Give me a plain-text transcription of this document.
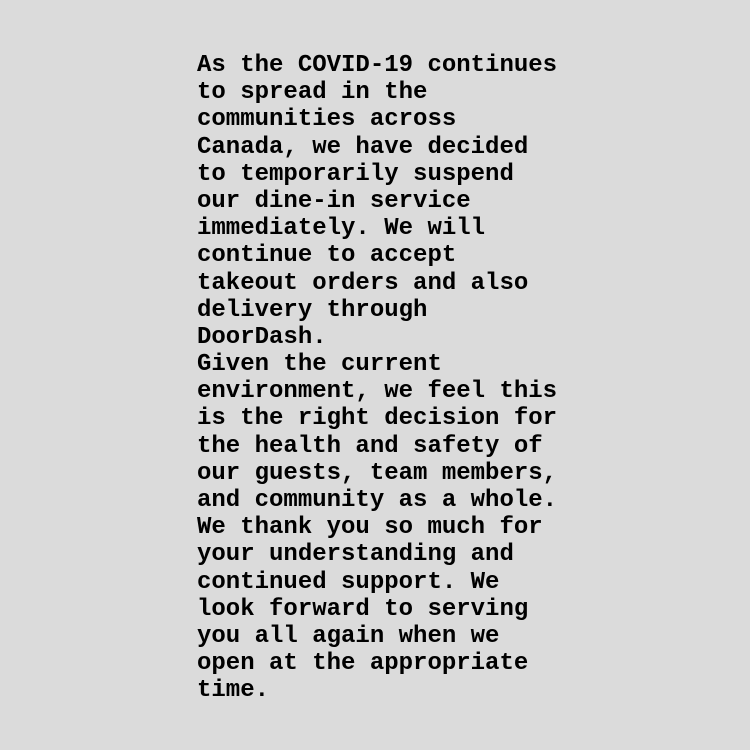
As the COVID-19 continues
to spread in the
communities across
Canada, we have decided
to temporarily suspend
our dine-in service
immediately. We will
continue to accept
takeout orders and also
delivery through
DoorDash.
Given the current
environment, we feel this
is the right decision for
the health and safety of
our guests, team members,
and community as a whole.
We thank you so much for
your understanding and
continued support. We
look forward to serving
you all again when we
open at the appropriate
time.
